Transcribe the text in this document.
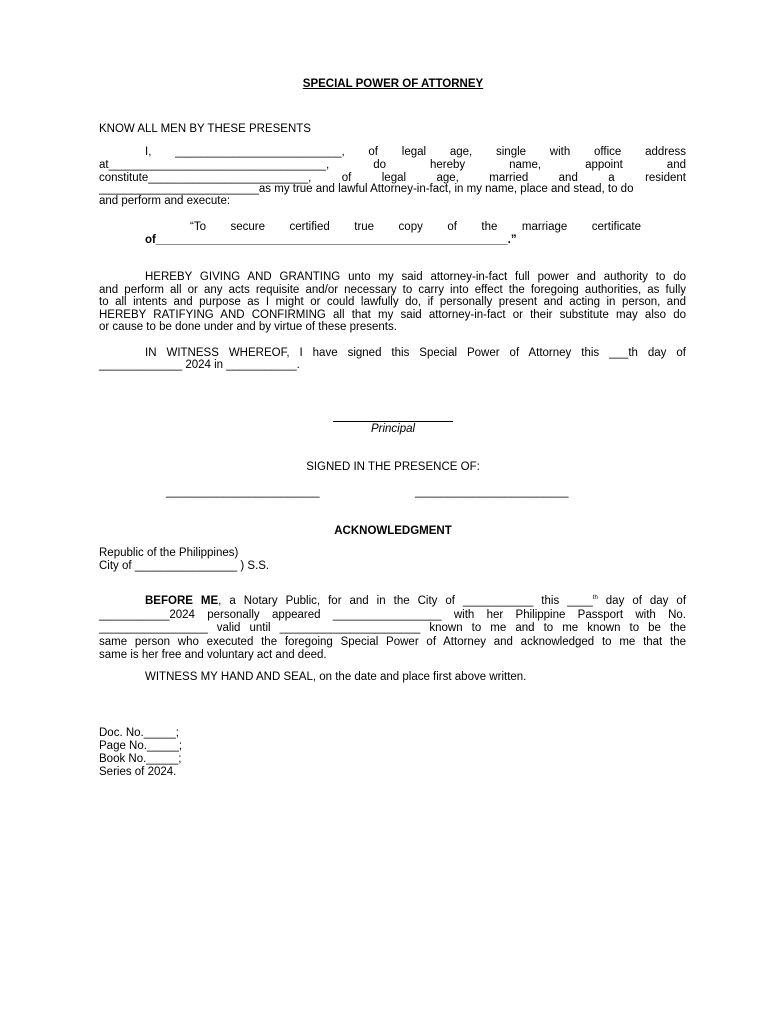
SPECIAL POWER OF ATTORNEY
KNOW ALL MEN BY THESE PRESENTS
I, __________________________, of legal age, single with office address
at__________________________________, do hereby name, appoint and
constitute_________________________, of legal age, married and a resident
_________________________as my true and lawful Attorney-in-fact, in my name, place and stead, to do
and perform and execute:
“To secure certified true copy of the marriage certificate
of_______________________________________________________.”
HEREBY GIVING AND GRANTING unto my said attorney-in-fact full power and authority to do
and perform all or any acts requisite and/or necessary to carry into effect the foregoing authorities, as fully
to all intents and purpose as I might or could lawfully do, if personally present and acting in person, and
HEREBY RATIFYING AND CONFIRMING all that my said attorney-in-fact or their substitute may also do
or cause to be done under and by virtue of these presents.
IN WITNESS WHEREOF, I have signed this Special Power of Attorney this ___th day of
_____________ 2024 in ___________.
Principal
SIGNED IN THE PRESENCE OF:
________________________	________________________
ACKNOWLEDGMENT
Republic of the Philippines)
City of ________________ ) S.S.
BEFORE ME, a Notary Public, for and in the City of ___________ this ____$^{th}$ day of day of
___________2024 personally appeared _________________ with her Philippine Passport with No.
_________________ valid until ______________________ known to me and to me known to be the
same person who executed the foregoing Special Power of Attorney and acknowledged to me that the
same is her free and voluntary act and deed.
WITNESS MY HAND AND SEAL, on the date and place first above written.
Doc. No._____;
Page No._____;
Book No._____;
Series of 2024.
